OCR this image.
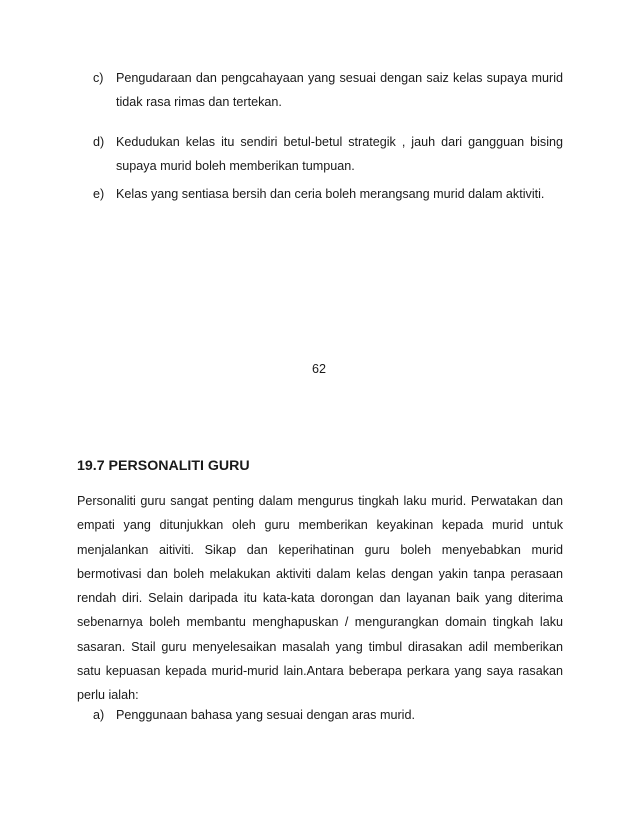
c) Pengudaraan dan pengcahayaan yang sesuai dengan saiz kelas supaya murid tidak rasa rimas dan tertekan.
d) Kedudukan kelas itu sendiri betul-betul strategik , jauh dari gangguan bising supaya murid boleh memberikan tumpuan.
e) Kelas yang sentiasa bersih dan ceria boleh merangsang murid dalam aktiviti.
62
19.7 PERSONALITI GURU

Personaliti guru sangat penting dalam mengurus tingkah laku murid. Perwatakan dan empati yang ditunjukkan oleh guru memberikan keyakinan kepada murid untuk menjalankan aitiviti. Sikap dan keperihatinan guru boleh menyebabkan murid bermotivasi dan boleh melakukan aktiviti dalam kelas dengan yakin tanpa perasaan rendah diri. Selain daripada itu kata-kata dorongan dan layanan baik yang diterima sebenarnya boleh membantu menghapuskan / mengurangkan domain tingkah laku sasaran. Stail guru menyelesaikan masalah yang timbul dirasakan adil memberikan satu kepuasan kepada murid-murid lain.Antara beberapa perkara yang saya rasakan perlu ialah:

a) Penggunaan bahasa yang sesuai dengan aras murid.
